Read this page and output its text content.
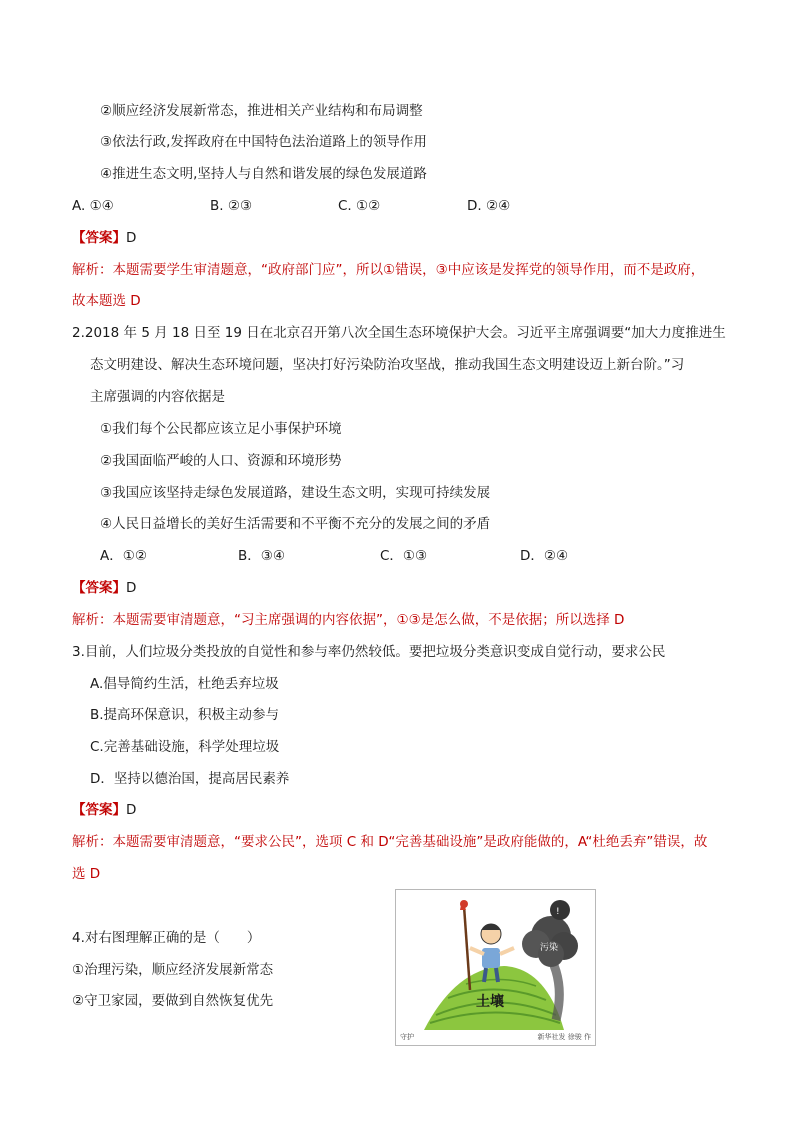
②顺应经济发展新常态，推进相关产业结构和布局调整
③依法行政,发挥政府在中国特色法治道路上的领导作用
④推进生态文明,坚持人与自然和谐发展的绿色发展道路
A. ①④	B. ②③	C. ①②	D. ②④
【答案】D
解析：本题需要学生审清题意，“政府部门应”，所以①错误，③中应该是发挥党的领导作用，而不是政府，
故本题选 D
2.2018 年 5 月 18 日至 19 日在北京召开第八次全国生态环境保护大会。习近平主席强调要“加大力度推进生
态文明建设、解决生态环境问题，坚决打好污染防治攻坚战，推动我国生态文明建设迈上新台阶。”习
主席强调的内容依据是
①我们每个公民都应该立足小事保护环境
②我国面临严峻的人口、资源和环境形势
③我国应该坚持走绿色发展道路，建设生态文明，实现可持续发展
④人民日益增长的美好生活需要和不平衡不充分的发展之间的矛盾
A．①②	B．③④	C．①③	D．②④
【答案】D
解析：本题需要审清题意，“习主席强调的内容依据”，①③是怎么做，不是依据；所以选择 D
3.目前，人们垃圾分类投放的自觉性和参与率仍然较低。要把垃圾分类意识变成自觉行动，要求公民
A.倡导简约生活，杜绝丢弃垃圾
B.提高环保意识，积极主动参与
C.完善基础设施，科学处理垃圾
D．坚持以德治国，提高居民素养
【答案】D
解析：本题需要审清题意，“要求公民”，选项 C 和 D“完善基础设施”是政府能做的，A“杜绝丢弃”错误，故
选 D
4.对右图理解正确的是（　　）
①治理污染，顺应经济发展新常态
②守卫家园，要做到自然恢复优先
!
污染
土壤
守护	新华社发 徐骏 作
